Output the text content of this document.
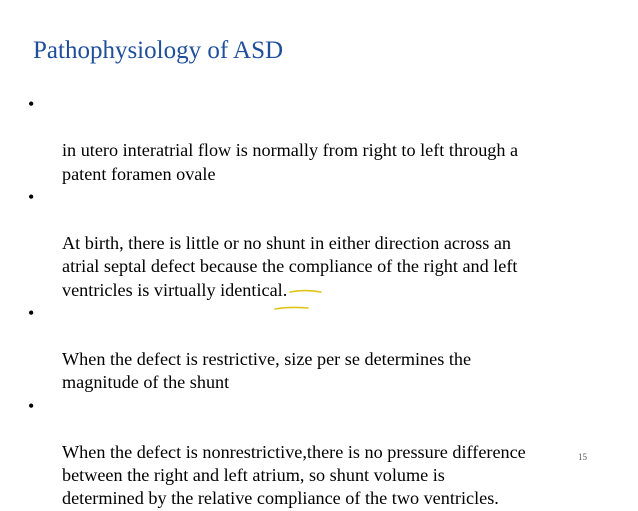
Pathophysiology of ASD

•

in utero interatrial flow is normally from right to left through a
patent foramen ovale

•

At birth, there is little or no shunt in either direction across an
atrial septal defect because the compliance of the right and left
ventricles is virtually identical.

•

When the defect is restrictive, size per se determines the
magnitude of the shunt

•

When the defect is nonrestrictive,there is no pressure difference
between the right and left atrium, so shunt volume is
determined by the relative compliance of the two ventricles.

15
